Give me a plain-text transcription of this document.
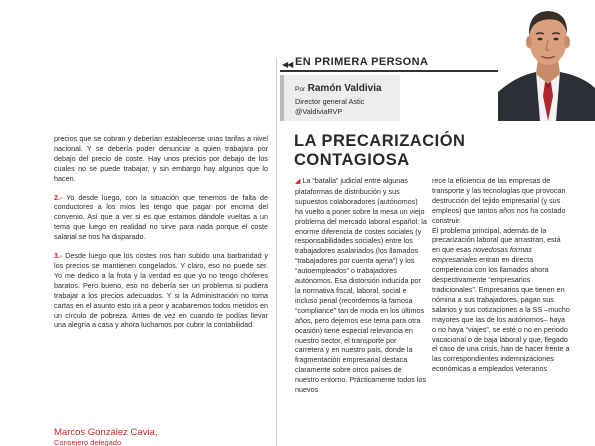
precios que se cobran y deberían establecerse unas tarifas a nivel nacional. Y se debería poder denunciar a quien trabajara por debajo del precio de coste. Hay unos precios por debajo de los cuales no se puede trabajar, y sin embargo hay algunos que lo hacen.

2.- Yo desde luego, con la situación que tenemos de falta de conductores a los míos les tengo que pagar por encima del convenio. Así que a ver si es que estamos dándole vueltas a un tema que luego en realidad no sirve para nada porque el coste salarial se nos ha disparado.

3.- Desde luego que los costes nos han subido una barbaridad y los precios se mantienen congelados. Y claro, eso no puede ser. Yo me dedico a la fruta y la verdad es que yo no tengo chóferes baratos. Pero bueno, eso no debería ser un problema si pudiera trabajar a los precios adecuados. Y si la Administración no toma cartas en el asunto esto irá a peor y acabaremos todos metidos en un círculo de pobreza. Antes de vez en cuando te podías llevar una alegría a casa y ahora luchamos por cubrir la contabilidad.

Marcos González Cavia,
Consejero delegado
◀◀ EN PRIMERA PERSONA
Por Ramón Valdivia
Director general Astic
@ValdiviaRVP
LA PRECARIZACIÓN
CONTAGIOSA

◢ La “batalla” judicial entre algunas plataformas de distribución y sus supuestos colaboradores (autónomos) ha vuelto a poner sobre la mesa un viejo problema del mercado laboral español: la enorme diferencia de costes sociales (y responsabilidades sociales) entre los trabajadores asalariados (los llamados “trabajadores por cuenta ajena”) y los “autoempleados” o trabajadores autónomos. Esa distorsión inducida por la normativa fiscal, laboral, social e incluso penal (recordemos la famosa “compliance” tan de moda en los últimos años, pero dejemos ese tema para otra ocasión) tiene especial relevancia en nuestro sector, el transporte por carretera y en nuestro país, donde la fragmentación empresarial destaca claramente sobre otros países de nuestro entorno. Prácticamente todos los nuevos

rece la eficiencia de las empresas de transporte y las tecnologías que provocan destrucción del tejido empresarial (y sus empleos) que tantos años nos ha costado construir.

El problema principal, además de la precarización laboral que arrastran, está en que esas novedosas formas empresariales entran en directa competencia con los llamados ahora despectivamente “empresarios tradicionales”. Empresarios que tienen en nómina a sus trabajadores, pagan sus salarios y sus cotizaciones a la SS –mucho mayores que las de los autónomos– haya o no haya “viajes”, se esté o no en periodo vacacional o de baja laboral y que, llegado el caso de una crisis, han de hacer frente a las correspondientes indemnizaciones económicas a empleados veteranos
